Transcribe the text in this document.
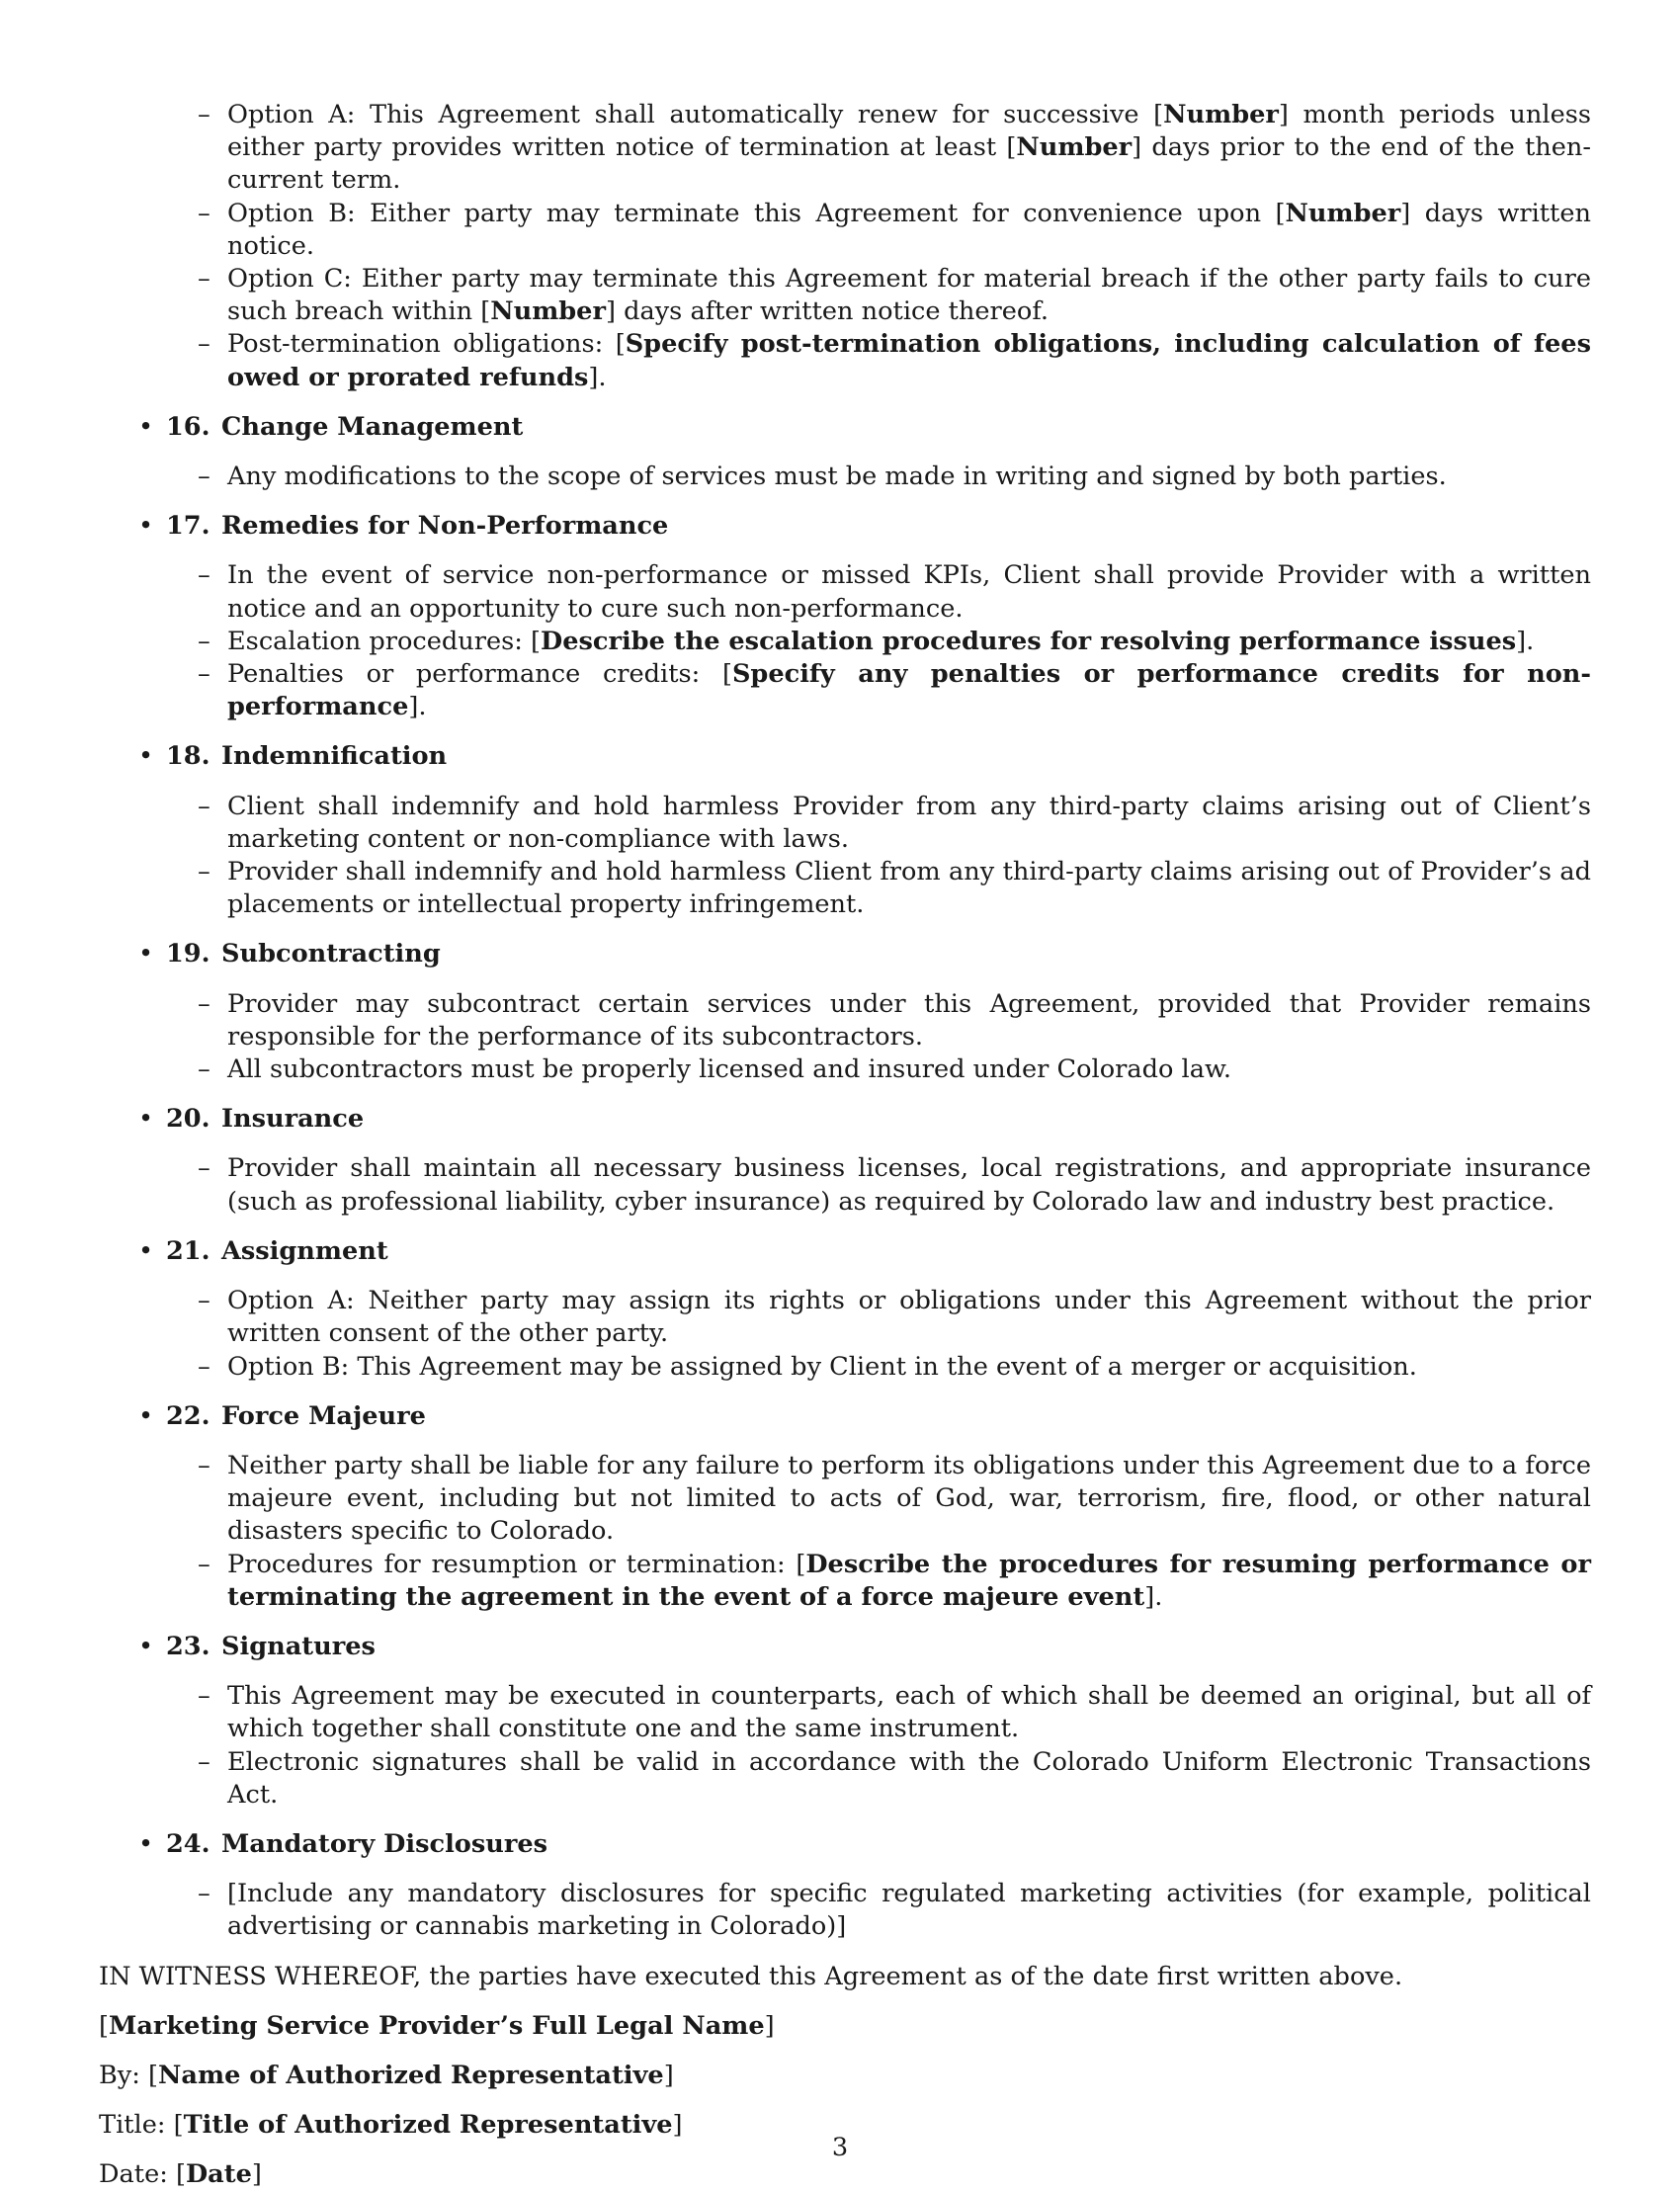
– Option A: This Agreement shall automatically renew for successive [Number] month periods unless either party provides written notice of termination at least [Number] days prior to the end of the then-current term.
– Option B: Either party may terminate this Agreement for convenience upon [Number] days written notice.
– Option C: Either party may terminate this Agreement for material breach if the other party fails to cure such breach within [Number] days after written notice thereof.
– Post-termination obligations: [Specify post-termination obligations, including calculation of fees owed or prorated refunds].
• 16. Change Management
– Any modifications to the scope of services must be made in writing and signed by both parties.
• 17. Remedies for Non-Performance
– In the event of service non-performance or missed KPIs, Client shall provide Provider with a written notice and an opportunity to cure such non-performance.
– Escalation procedures: [Describe the escalation procedures for resolving performance issues].
– Penalties or performance credits: [Specify any penalties or performance credits for non-performance].
• 18. Indemnification
– Client shall indemnify and hold harmless Provider from any third-party claims arising out of Client’s marketing content or non-compliance with laws.
– Provider shall indemnify and hold harmless Client from any third-party claims arising out of Provider’s ad placements or intellectual property infringement.
• 19. Subcontracting
– Provider may subcontract certain services under this Agreement, provided that Provider remains responsible for the performance of its subcontractors.
– All subcontractors must be properly licensed and insured under Colorado law.
• 20. Insurance
– Provider shall maintain all necessary business licenses, local registrations, and appropriate insurance (such as professional liability, cyber insurance) as required by Colorado law and industry best practice.
• 21. Assignment
– Option A: Neither party may assign its rights or obligations under this Agreement without the prior written consent of the other party.
– Option B: This Agreement may be assigned by Client in the event of a merger or acquisition.
• 22. Force Majeure
– Neither party shall be liable for any failure to perform its obligations under this Agreement due to a force majeure event, including but not limited to acts of God, war, terrorism, fire, flood, or other natural disasters specific to Colorado.
– Procedures for resumption or termination: [Describe the procedures for resuming performance or terminating the agreement in the event of a force majeure event].
• 23. Signatures
– This Agreement may be executed in counterparts, each of which shall be deemed an original, but all of which together shall constitute one and the same instrument.
– Electronic signatures shall be valid in accordance with the Colorado Uniform Electronic Transactions Act.
• 24. Mandatory Disclosures
– [Include any mandatory disclosures for specific regulated marketing activities (for example, political advertising or cannabis marketing in Colorado)]

IN WITNESS WHEREOF, the parties have executed this Agreement as of the date first written above.

[Marketing Service Provider’s Full Legal Name]

By: [Name of Authorized Representative]

Title: [Title of Authorized Representative]

Date: [Date]

3
